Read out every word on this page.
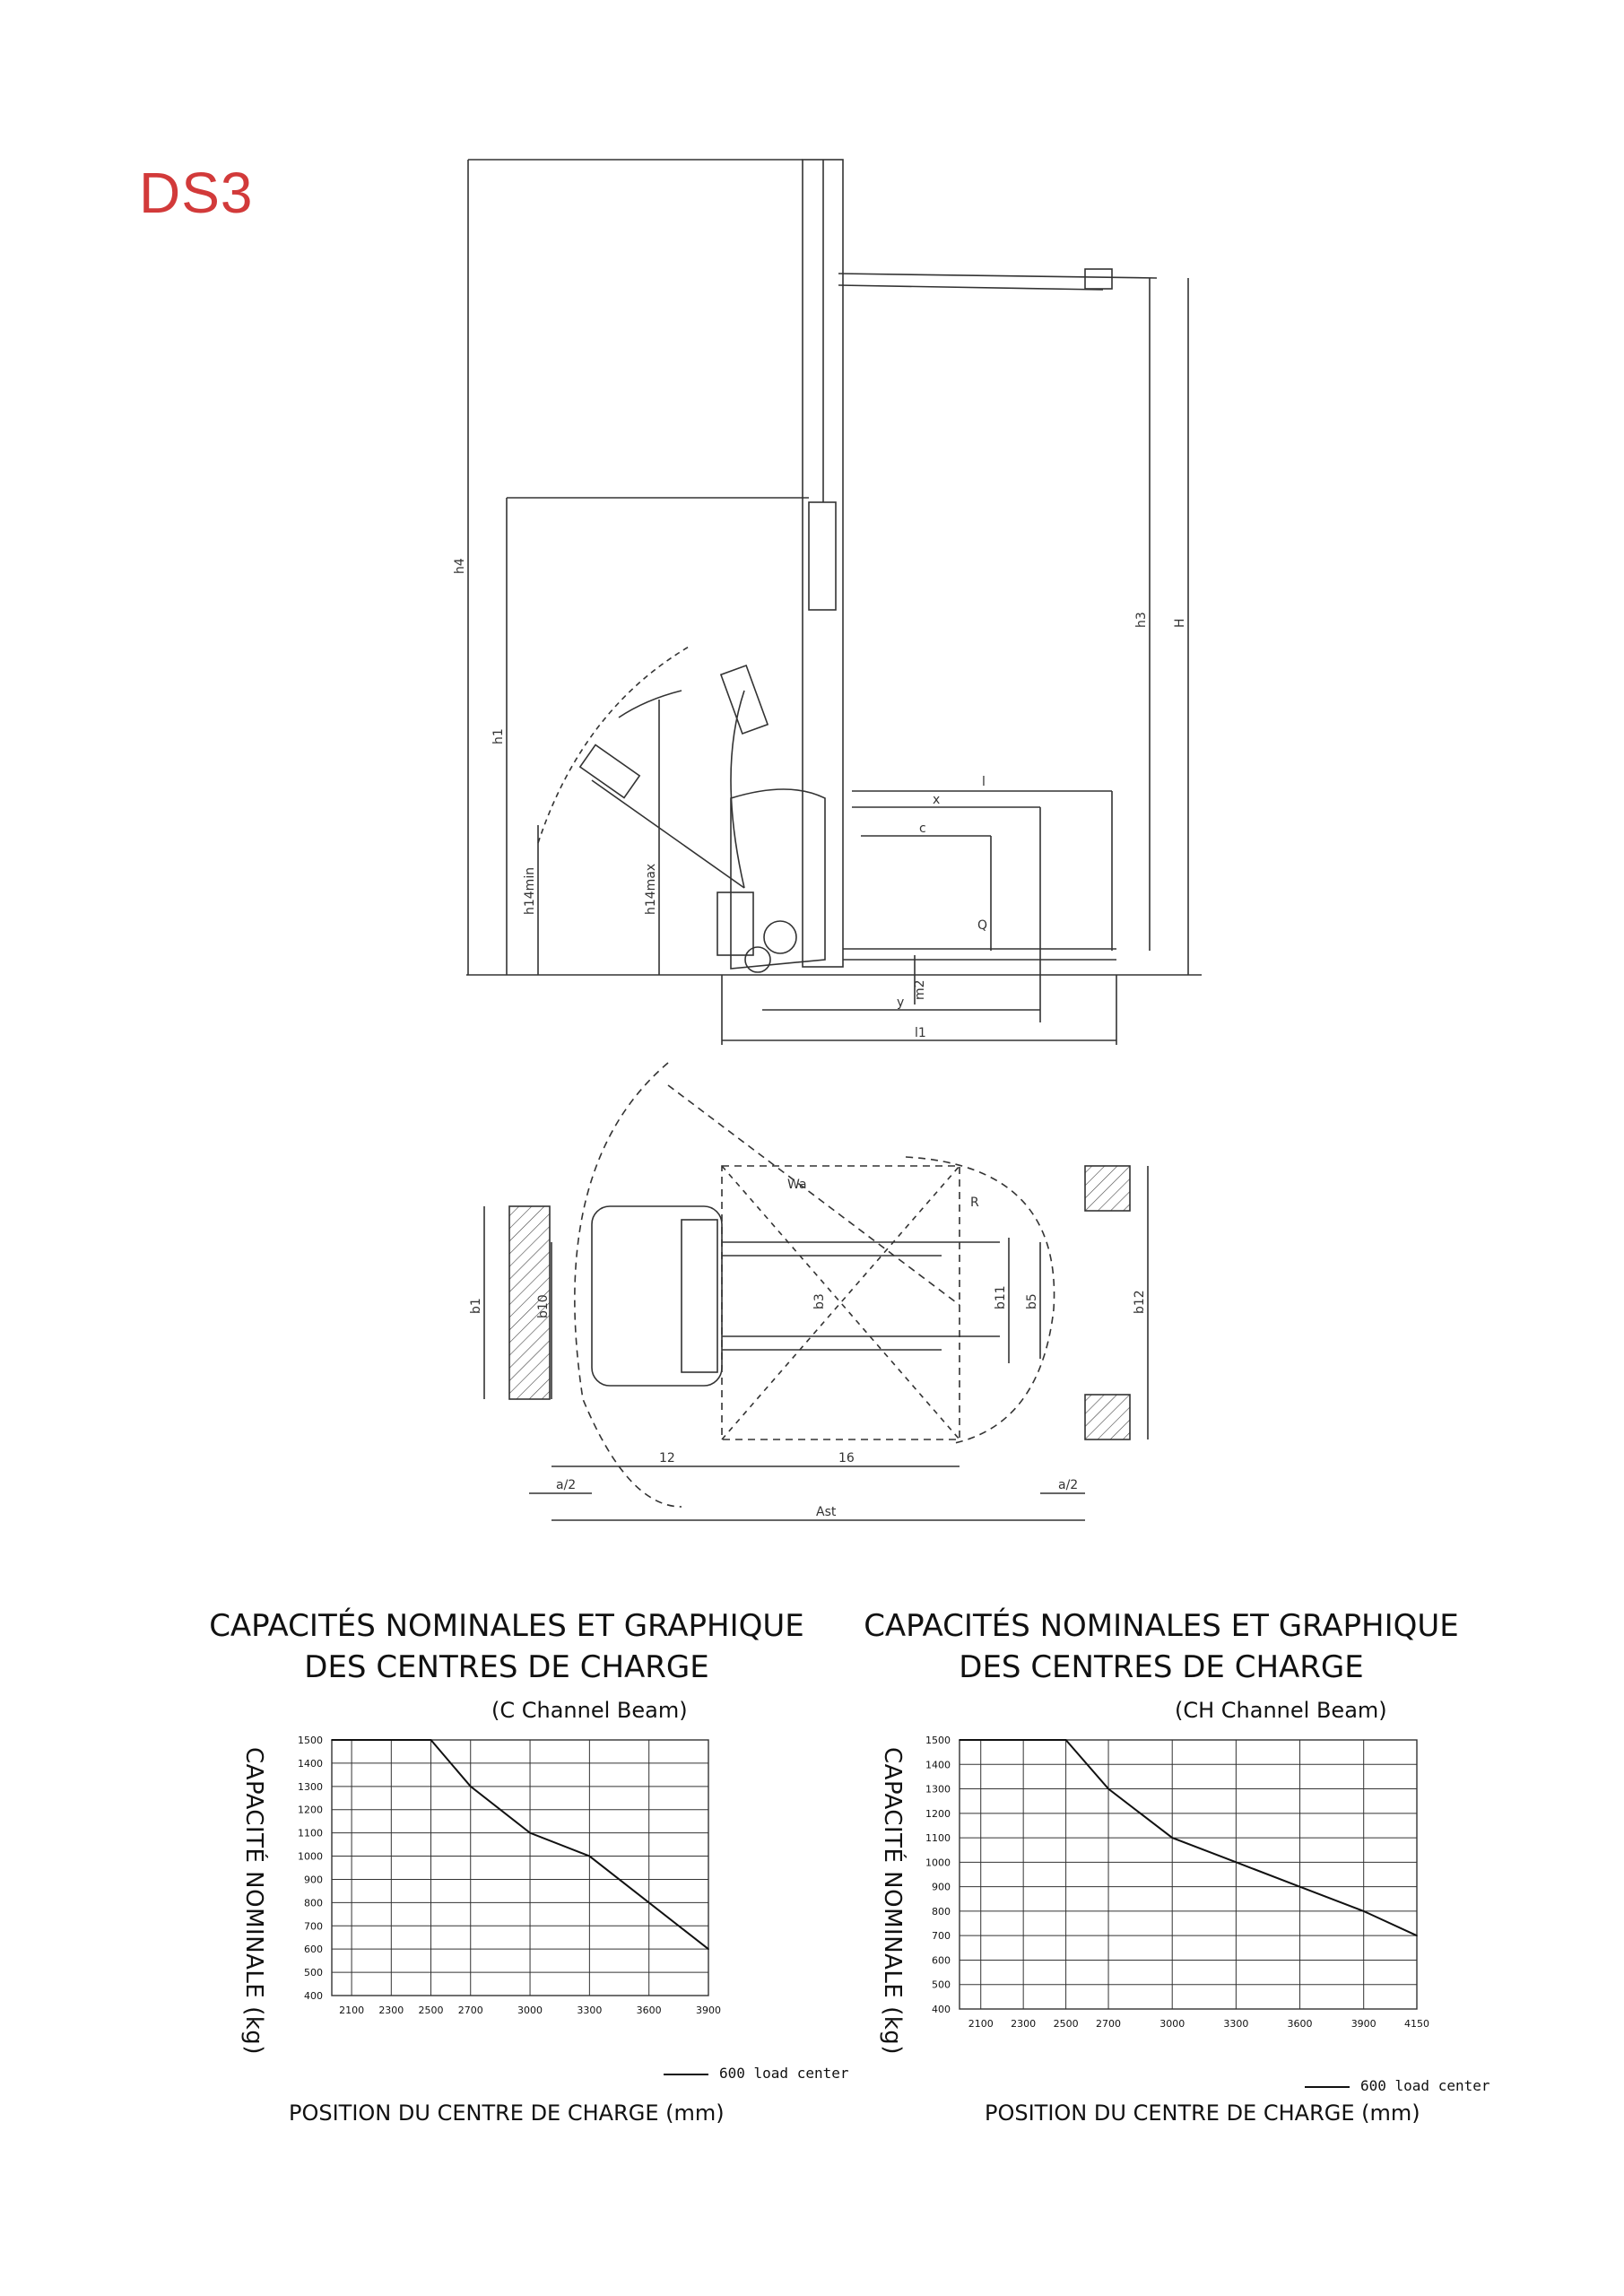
DS3
h4
h1
h3 H
h14min	h14max
l
x
c
Q
m2
y
l1
Wa
R
b1	b10	b3	b11 b5	b12
12	16
a/2	a/2
Ast
CAPACITÉS NOMINALES ET GRAPHIQUE
DES CENTRES DE CHARGE
(C Channel Beam)
CAPACITÉ NOMINALE (kg)	400
500
600
700
800
900
1000
1100
1200
1300
1400
1500
2100 2300 2500 2700	3000	3300	3600	3900
600 load center
POSITION DU CENTRE DE CHARGE (mm)
CAPACITÉS NOMINALES ET GRAPHIQUE
DES CENTRES DE CHARGE
(CH Channel Beam)
CAPACITÉ NOMINALE (kg)	400
500
600
700
800
900
1000
1100
1200
1300
1400
1500
2100 2300 2500 2700	3000	3300	3600	3900	4150
600 load center
POSITION DU CENTRE DE CHARGE (mm)
